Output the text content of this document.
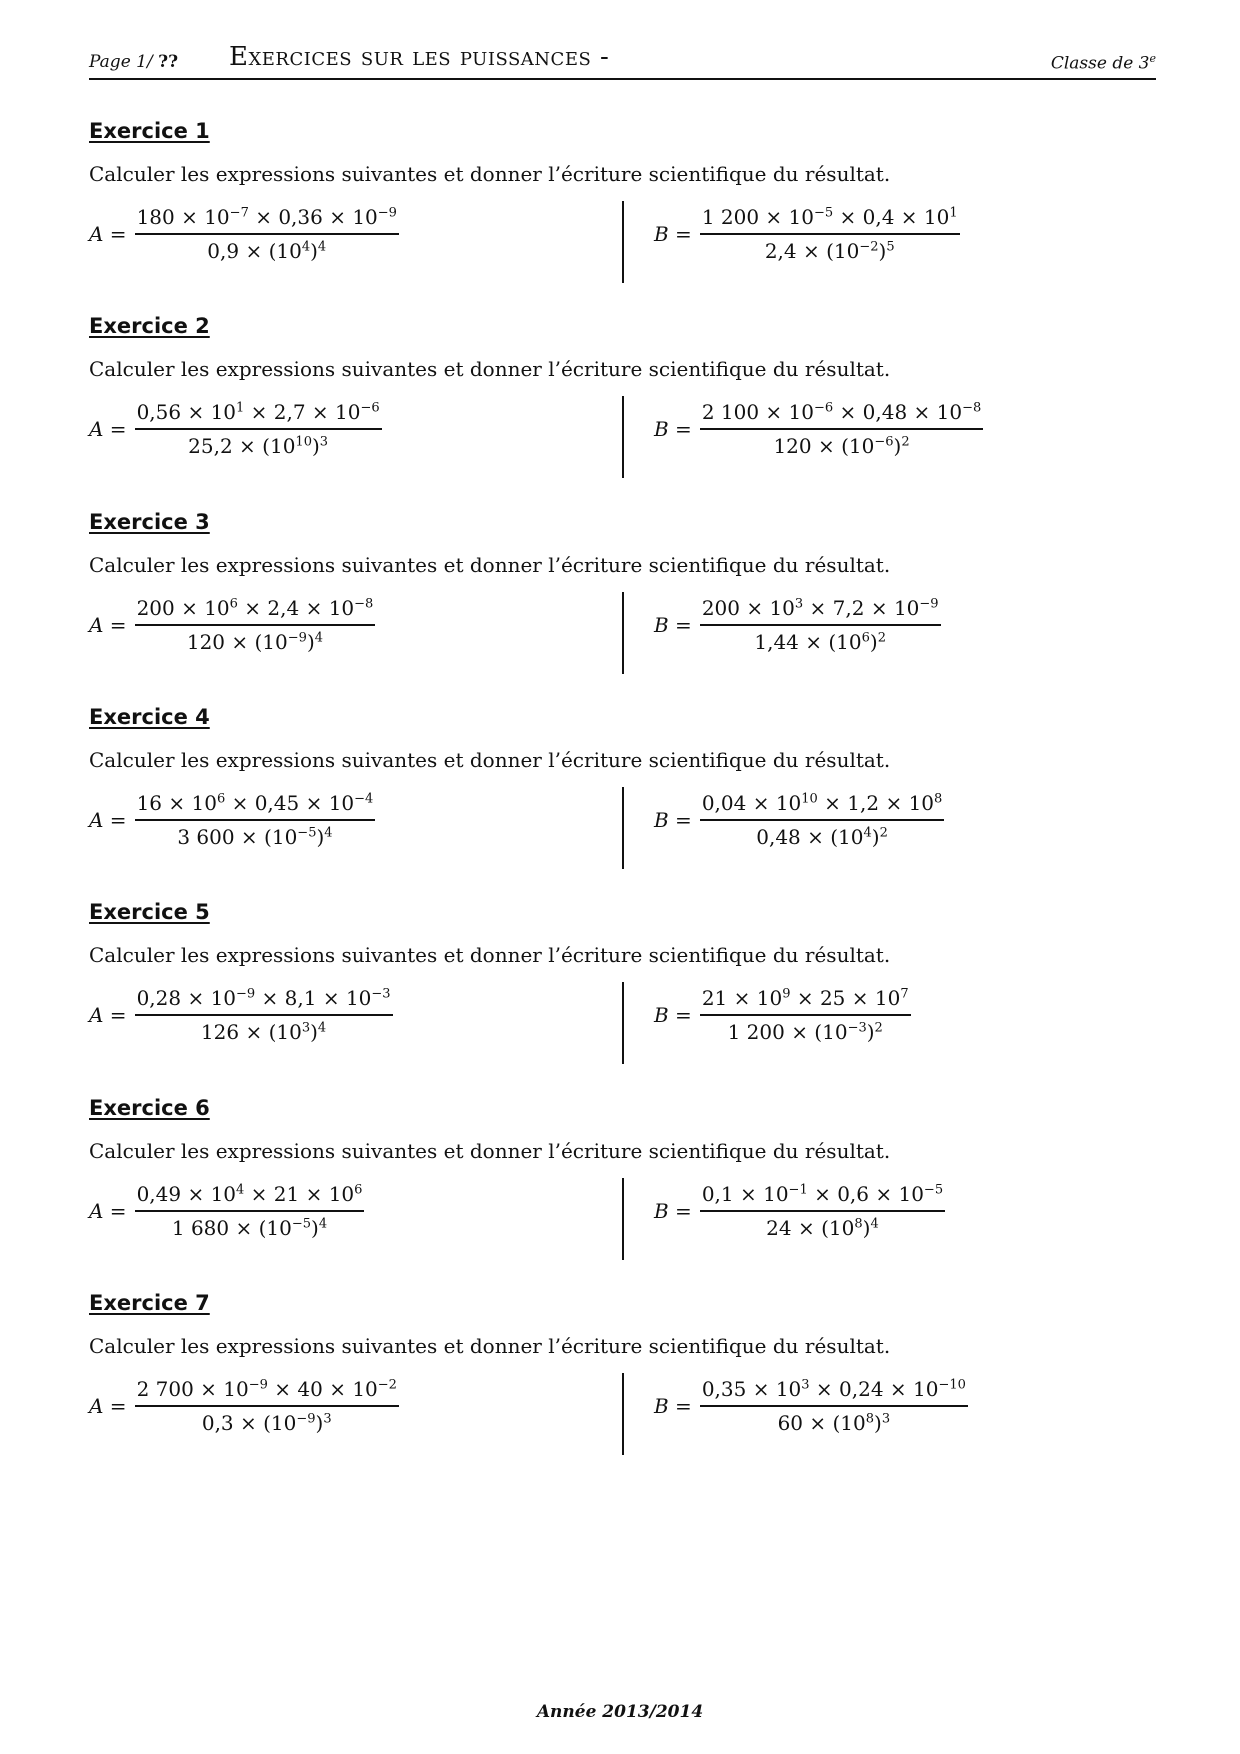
Page 1/ ?? Exercices sur les puissances -	Classe de 3e
Exercice 1
Calculer les expressions suivantes et donner l’écriture scientifique du résultat.
$A = \frac{180 \times 10^{-7} \times 0,36 \times 10^{-9}}{0,9 \times (10^4)^4}$	$B = \frac{1 200 \times 10^{-5} \times 0,4 \times 10^1}{2,4 \times (10^{-2})^5}$
Exercice 2
Calculer les expressions suivantes et donner l’écriture scientifique du résultat.
$A = \frac{0,56 \times 10^1 \times 2,7 \times 10^{-6}}{25,2 \times (10^{10})^3}$	$B = \frac{2 100 \times 10^{-6} \times 0,48 \times 10^{-8}}{120 \times (10^{-6})^2}$
Exercice 3
Calculer les expressions suivantes et donner l’écriture scientifique du résultat.
$A = \frac{200 \times 10^6 \times 2,4 \times 10^{-8}}{120 \times (10^{-9})^4}$	$B = \frac{200 \times 10^3 \times 7,2 \times 10^{-9}}{1,44 \times (10^6)^2}$
Exercice 4
Calculer les expressions suivantes et donner l’écriture scientifique du résultat.
$A = \frac{16 \times 10^6 \times 0,45 \times 10^{-4}}{3 600 \times (10^{-5})^4}$	$B = \frac{0,04 \times 10^{10} \times 1,2 \times 10^8}{0,48 \times (10^4)^2}$
Exercice 5
Calculer les expressions suivantes et donner l’écriture scientifique du résultat.
$A = \frac{0,28 \times 10^{-9} \times 8,1 \times 10^{-3}}{126 \times (10^3)^4}$	$B = \frac{21 \times 10^9 \times 25 \times 10^7}{1 200 \times (10^{-3})^2}$
Exercice 6
Calculer les expressions suivantes et donner l’écriture scientifique du résultat.
$A = \frac{0,49 \times 10^4 \times 21 \times 10^6}{1 680 \times (10^{-5})^4}$	$B = \frac{0,1 \times 10^{-1} \times 0,6 \times 10^{-5}}{24 \times (10^8)^4}$
Exercice 7
Calculer les expressions suivantes et donner l’écriture scientifique du résultat.
$A = \frac{2 700 \times 10^{-9} \times 40 \times 10^{-2}}{0,3 \times (10^{-9})^3}$	$B = \frac{0,35 \times 10^3 \times 0,24 \times 10^{-10}}{60 \times (10^8)^3}$
Année 2013/2014
